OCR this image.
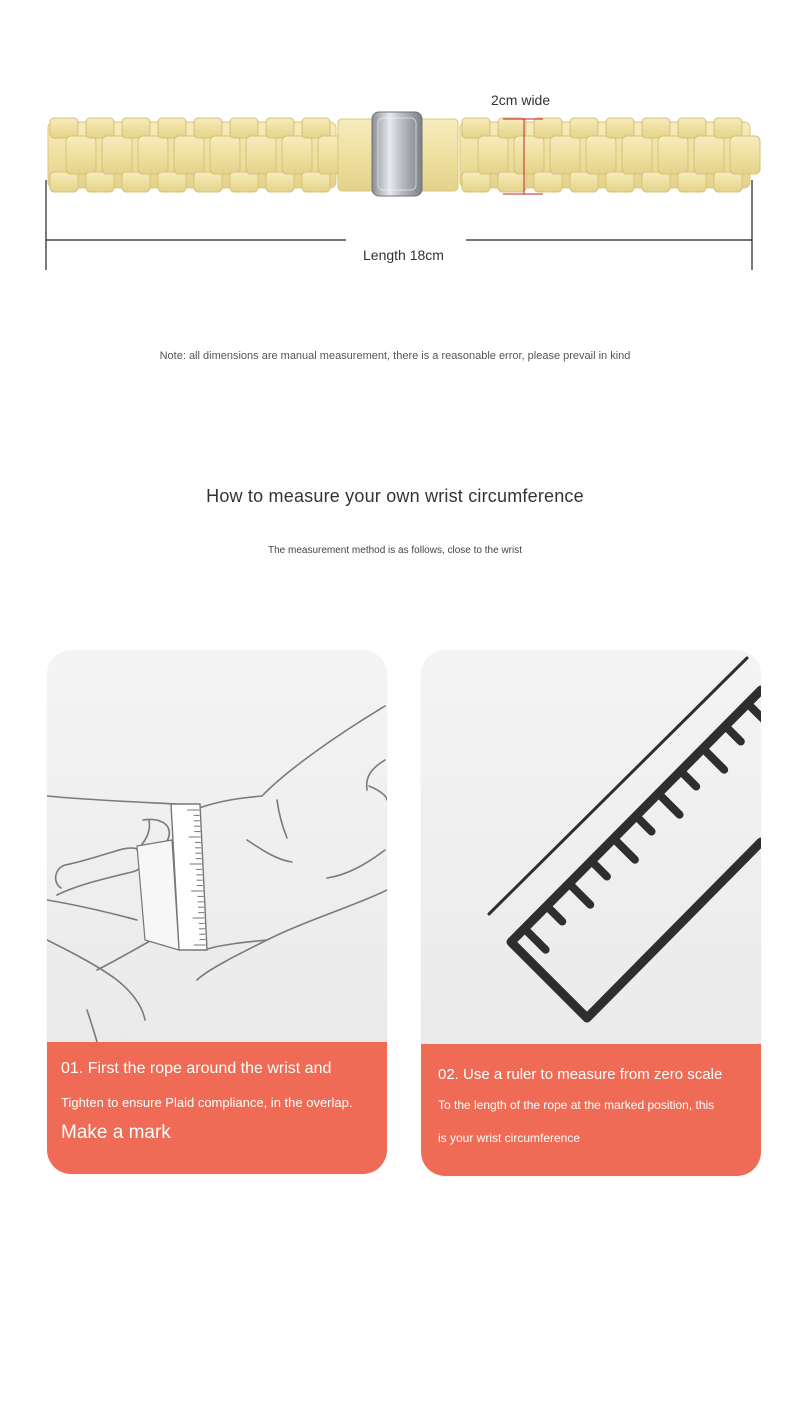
2cm wide
Length 18cm
Note: all dimensions are manual measurement, there is a reasonable error, please prevail in kind
How to measure your own wrist circumference
The measurement method is as follows, close to the wrist
01. First the rope around the wrist and
Tighten to ensure Plaid compliance, in the overlap.
Make a mark
02. Use a ruler to measure from zero scale
To the length of the rope at the marked position, this
is your wrist circumference
